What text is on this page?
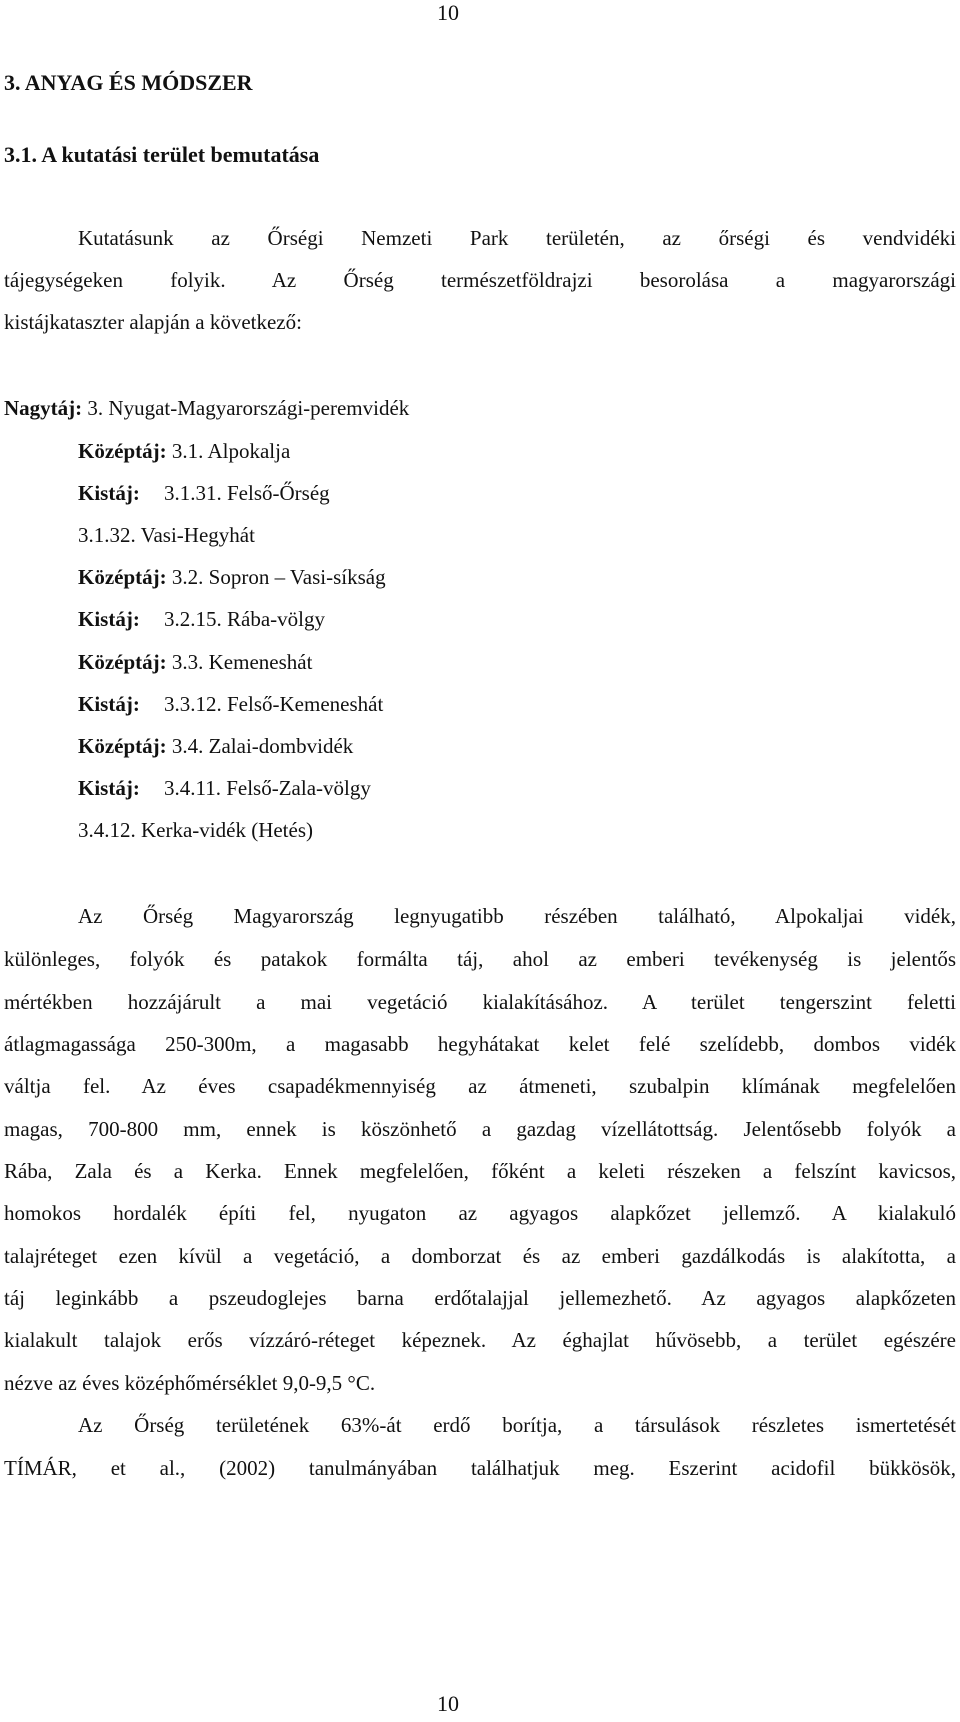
10
3. ANYAG ÉS MÓDSZER
3.1. A kutatási terület bemutatása
Kutatásunk az Őrségi Nemzeti Park területén, az őrségi és vendvidéki
tájegységeken folyik. Az Őrség természetföldrajzi besorolása a magyarországi
kistájkataszter alapján a következő:
Nagytáj: 3. Nyugat-Magyarországi-peremvidék
Középtáj: 3.1. Alpokalja
Kistáj: 3.1.31. Felső-Őrség
3.1.32. Vasi-Hegyhát
Középtáj: 3.2. Sopron – Vasi-síkság
Kistáj: 3.2.15. Rába-völgy
Középtáj: 3.3. Kemeneshát
Kistáj: 3.3.12. Felső-Kemeneshát
Középtáj: 3.4. Zalai-dombvidék
Kistáj: 3.4.11. Felső-Zala-völgy
3.4.12. Kerka-vidék (Hetés)
Az Őrség Magyarország legnyugatibb részében található, Alpokaljai vidék,
különleges, folyók és patakok formálta táj, ahol az emberi tevékenység is jelentős
mértékben hozzájárult a mai vegetáció kialakításához. A terület tengerszint feletti
átlagmagassága 250-300m, a magasabb hegyhátakat kelet felé szelídebb, dombos vidék
váltja fel. Az éves csapadékmennyiség az átmeneti, szubalpin klímának megfelelően
magas, 700-800 mm, ennek is köszönhető a gazdag vízellátottság. Jelentősebb folyók a
Rába, Zala és a Kerka. Ennek megfelelően, főként a keleti részeken a felszínt kavicsos,
homokos hordalék építi fel, nyugaton az agyagos alapkőzet jellemző. A kialakuló
talajréteget ezen kívül a vegetáció, a domborzat és az emberi gazdálkodás is alakította, a
táj leginkább a pszeudoglejes barna erdőtalajjal jellemezhető. Az agyagos alapkőzeten
kialakult talajok erős vízzáró-réteget képeznek. Az éghajlat hűvösebb, a terület egészére
nézve az éves középhőmérséklet 9,0-9,5 °C.
Az Őrség területének 63%-át erdő borítja, a társulások részletes ismertetését
TÍMÁR, et al., (2002) tanulmányában találhatjuk meg. Eszerint acidofil bükkösök,
10
